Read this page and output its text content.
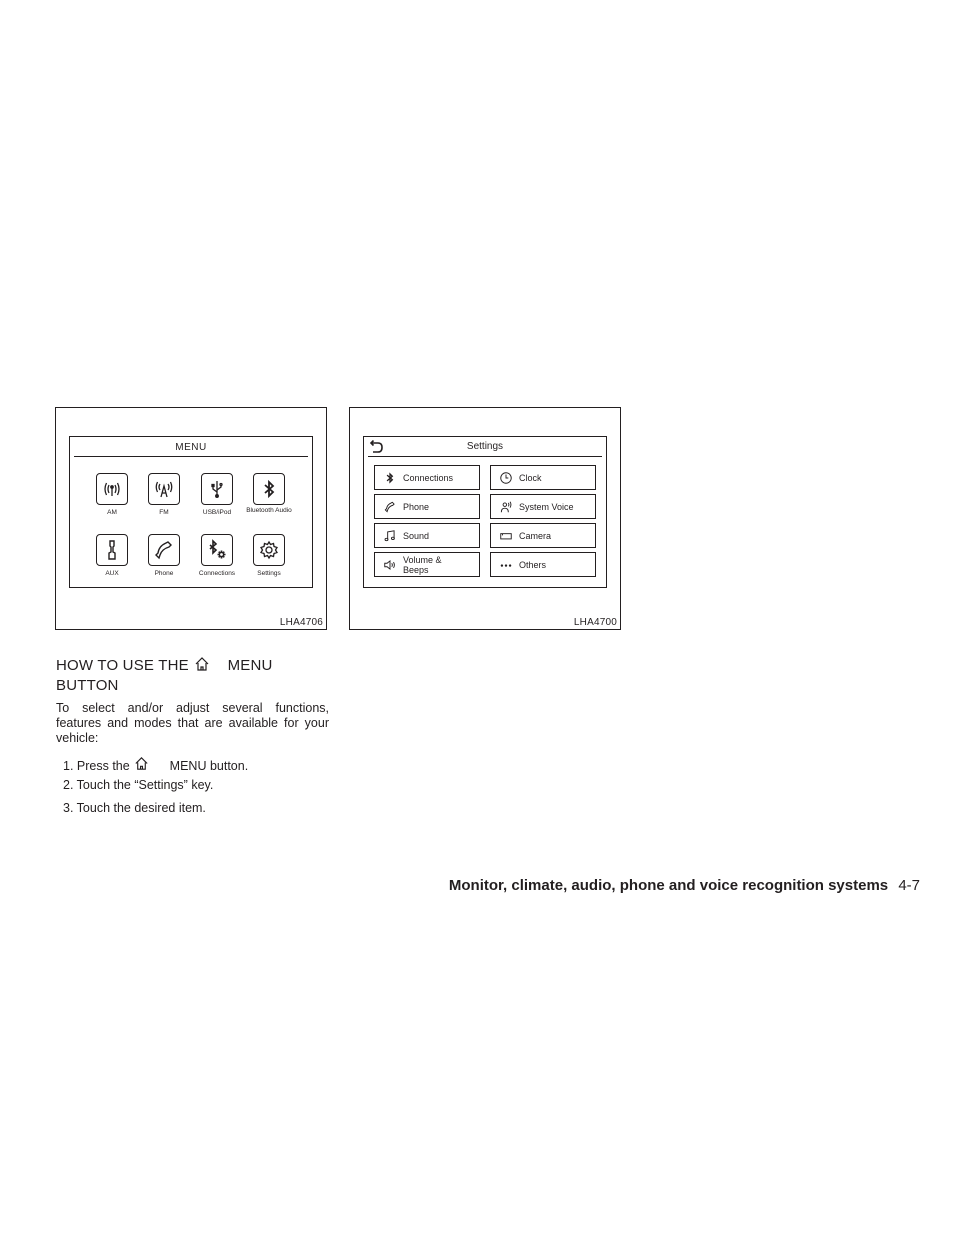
MENU
AM	FM	USB/iPod	Bluetooth Audio
AUX	Phone	Connections	Settings
LHA4706
Settings
Connections	Clock
Phone	System Voice
Sound	Camera
Volume & Beeps	Others
LHA4700
HOW TO USE THE	MENU
BUTTON
To select and/or adjust several functions, features and modes that are available for your vehicle:
1. Press the	MENU button.
2. Touch the “Settings” key.
3. Touch the desired item.
Monitor, climate, audio, phone and voice recognition systems 4-7
